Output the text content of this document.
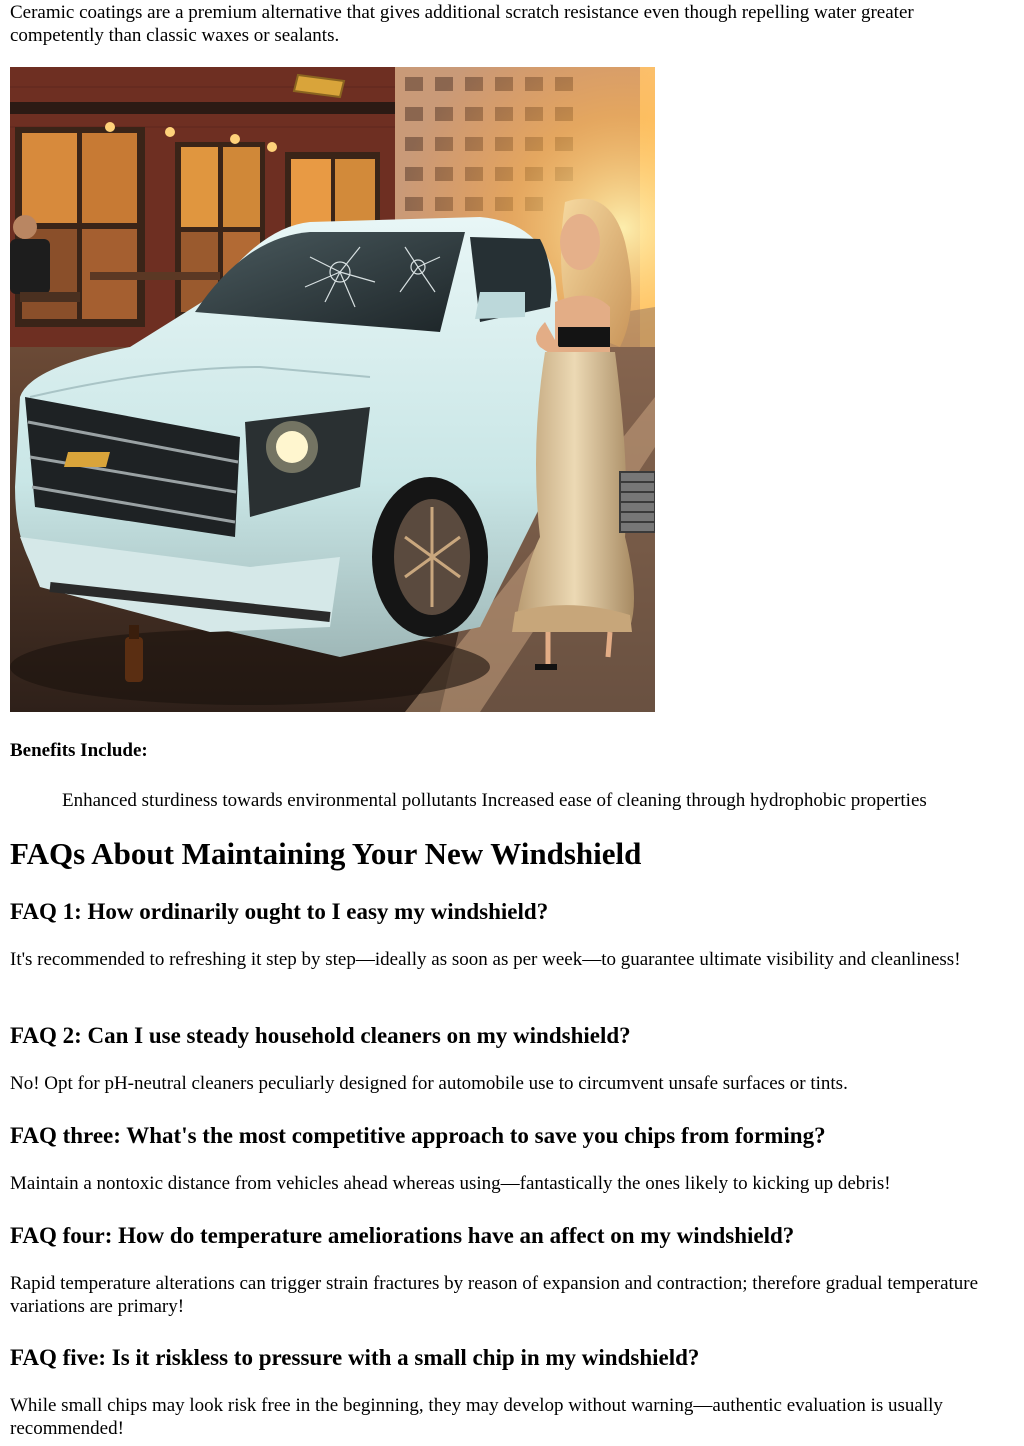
Ceramic coatings are a premium alternative that gives additional scratch resistance even though repelling water greater competently than classic waxes or sealants.

Benefits Include:
Enhanced sturdiness towards environmental pollutants Increased ease of cleaning through hydrophobic properties
FAQs About Maintaining Your New Windshield
FAQ 1: How ordinarily ought to I easy my windshield?

It's recommended to refreshing it step by step—ideally as soon as per week—to guarantee ultimate visibility and cleanliness!

FAQ 2: Can I use steady household cleaners on my windshield?

No! Opt for pH-neutral cleaners peculiarly designed for automobile use to circumvent unsafe surfaces or tints.

FAQ three: What's the most competitive approach to save you chips from forming?

Maintain a nontoxic distance from vehicles ahead whereas using—fantastically the ones likely to kicking up debris!

FAQ four: How do temperature ameliorations have an affect on my windshield?

Rapid temperature alterations can trigger strain fractures by reason of expansion and contraction; therefore gradual temperature variations are primary!

FAQ five: Is it riskless to pressure with a small chip in my windshield?

While small chips may look risk free in the beginning, they may develop without warning—authentic evaluation is usually recommended!
